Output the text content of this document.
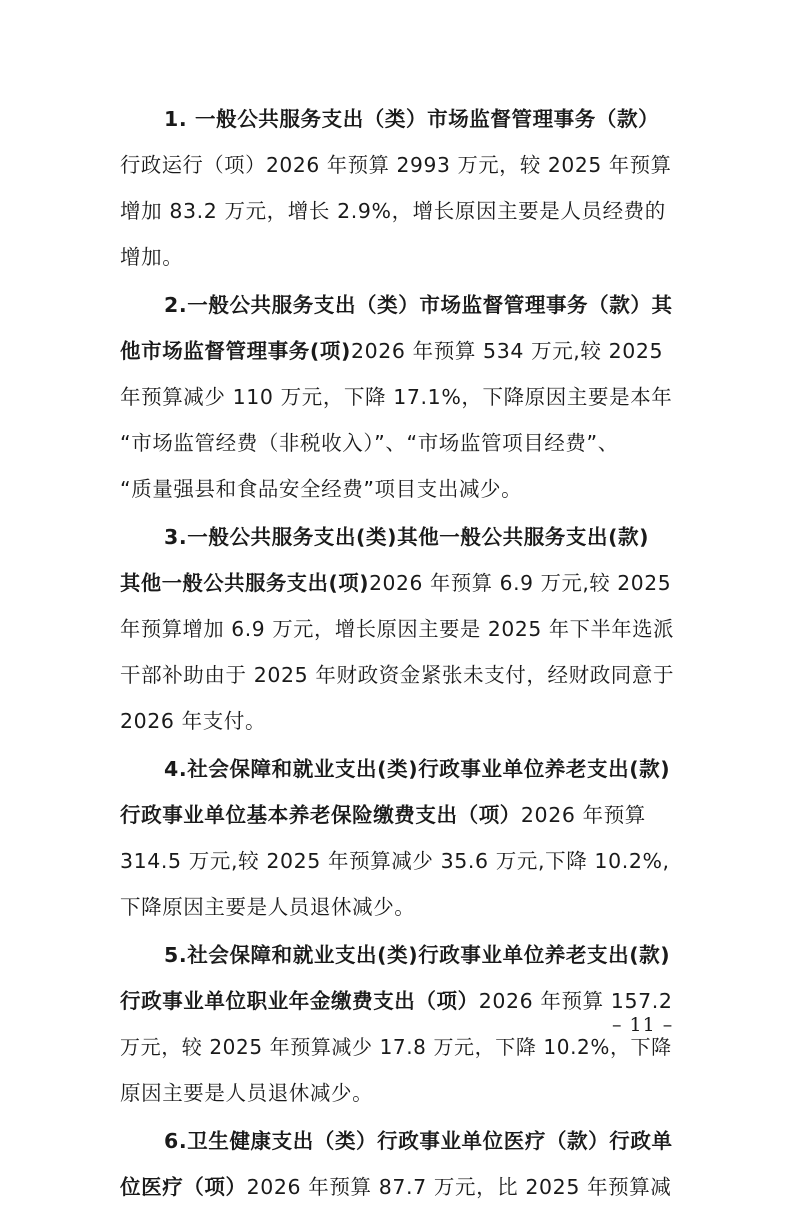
1. 一般公共服务支出（类）市场监督管理事务（款）
行政运行（项）2026 年预算 2993 万元，较 2025 年预算
增加 83.2 万元，增长 2.9%，增长原因主要是人员经费的
增加。
2.一般公共服务支出（类）市场监督管理事务（款）其
他市场监督管理事务(项)2026 年预算 534 万元,较 2025
年预算减少 110 万元，下降 17.1%，下降原因主要是本年
“市场监管经费（非税收入）”、“市场监管项目经费”、
“质量强县和食品安全经费”项目支出减少。
3.一般公共服务支出(类)其他一般公共服务支出(款)
其他一般公共服务支出(项)2026 年预算 6.9 万元,较 2025
年预算增加 6.9 万元，增长原因主要是 2025 年下半年选派
干部补助由于 2025 年财政资金紧张未支付，经财政同意于
2026 年支付。
4.社会保障和就业支出(类)行政事业单位养老支出(款)
行政事业单位基本养老保险缴费支出（项）2026 年预算
314.5 万元,较 2025 年预算减少 35.6 万元,下降 10.2%,
下降原因主要是人员退休减少。
5.社会保障和就业支出(类)行政事业单位养老支出(款)
行政事业单位职业年金缴费支出（项）2026 年预算 157.2
万元，较 2025 年预算减少 17.8 万元，下降 10.2%，下降
原因主要是人员退休减少。
6.卫生健康支出（类）行政事业单位医疗（款）行政单
位医疗（项）2026 年预算 87.7 万元，比 2025 年预算减
– 11 –
